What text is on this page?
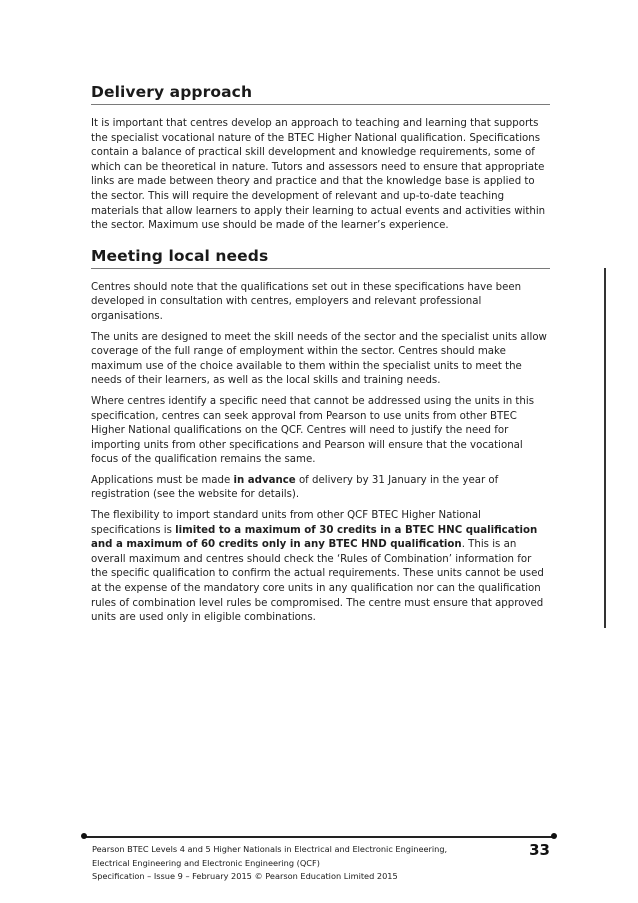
Delivery approach

It is important that centres develop an approach to teaching and learning that supports the specialist vocational nature of the BTEC Higher National qualification. Specifications contain a balance of practical skill development and knowledge requirements, some of which can be theoretical in nature. Tutors and assessors need to ensure that appropriate links are made between theory and practice and that the knowledge base is applied to the sector. This will require the development of relevant and up-to-date teaching materials that allow learners to apply their learning to actual events and activities within the sector. Maximum use should be made of the learner’s experience.

Meeting local needs

Centres should note that the qualifications set out in these specifications have been developed in consultation with centres, employers and relevant professional organisations.

The units are designed to meet the skill needs of the sector and the specialist units allow coverage of the full range of employment within the sector. Centres should make maximum use of the choice available to them within the specialist units to meet the needs of their learners, as well as the local skills and training needs.

Where centres identify a specific need that cannot be addressed using the units in this specification, centres can seek approval from Pearson to use units from other BTEC Higher National qualifications on the QCF. Centres will need to justify the need for importing units from other specifications and Pearson will ensure that the vocational focus of the qualification remains the same.

Applications must be made in advance of delivery by 31 January in the year of registration (see the website for details).

The flexibility to import standard units from other QCF BTEC Higher National specifications is limited to a maximum of 30 credits in a BTEC HNC qualification and a maximum of 60 credits only in any BTEC HND qualification. This is an overall maximum and centres should check the ‘Rules of Combination’ information for the specific qualification to confirm the actual requirements. These units cannot be used at the expense of the mandatory core units in any qualification nor can the qualification rules of combination level rules be compromised. The centre must ensure that approved units are used only in eligible combinations.

Pearson BTEC Levels 4 and 5 Higher Nationals in Electrical and Electronic Engineering,
Electrical Engineering and Electronic Engineering (QCF)
Specification – Issue 9 – February 2015 © Pearson Education Limited 2015
33
